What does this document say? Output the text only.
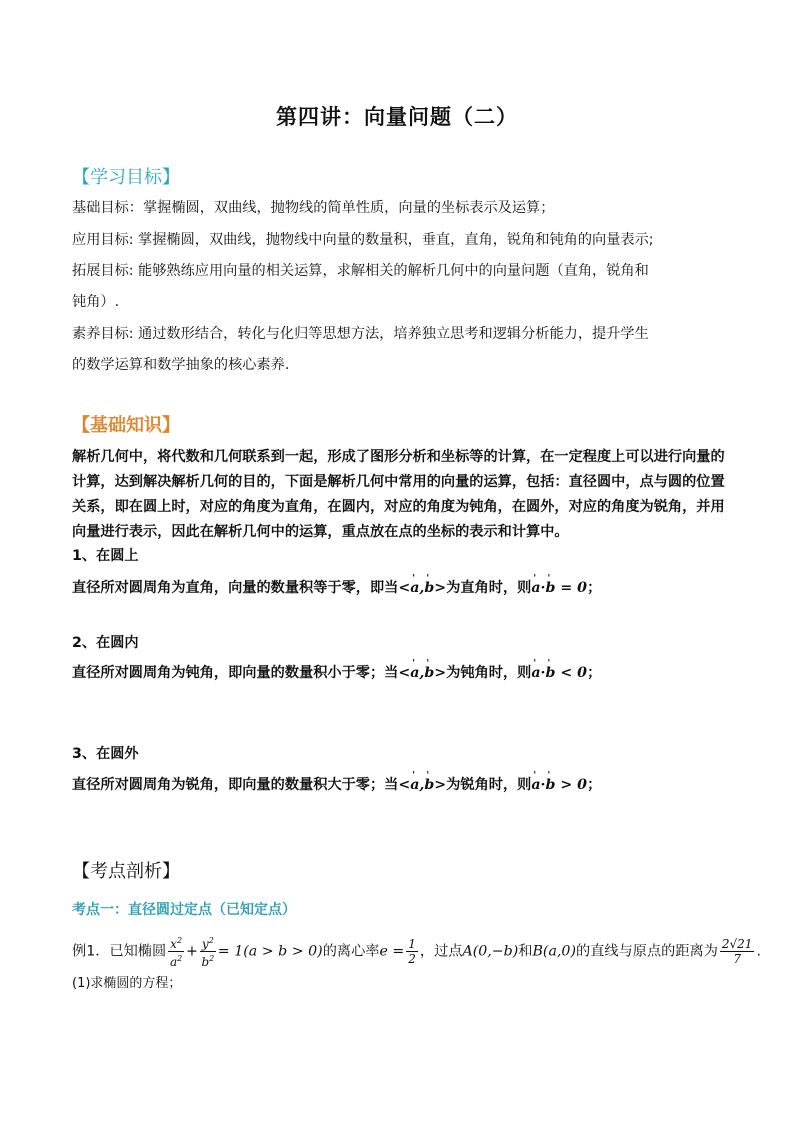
第四讲：向量问题（二）
【学习目标】
基础目标：掌握椭圆，双曲线，抛物线的简单性质，向量的坐标表示及运算；
应用目标: 掌握椭圆，双曲线，抛物线中向量的数量积，垂直，直角，锐角和钝角的向量表示;
拓展目标: 能够熟练应用向量的相关运算，求解相关的解析几何中的向量问题（直角，锐角和
钝角）.
素养目标: 通过数形结合，转化与化归等思想方法，培养独立思考和逻辑分析能力，提升学生
的数学运算和数学抽象的核心素养.
【基础知识】
解析几何中，将代数和几何联系到一起，形成了图形分析和坐标等的计算，在一定程度上可以进行向量的
计算，达到解决解析几何的目的，下面是解析几何中常用的向量的运算，包括：直径圆中，点与圆的位置
关系，即在圆上时，对应的角度为直角，在圆内，对应的角度为钝角，在圆外，对应的角度为锐角，并用
向量进行表示，因此在解析几何中的运算，重点放在点的坐标的表示和计算中。
1、在圆上
直径所对圆周角为直角，向量的数量积等于零，即当<' a,' b>为直角时，则' a·' b = 0；
2、在圆内
直径所对圆周角为钝角，即向量的数量积小于零；当<' a,' b>为钝角时，则' a·' b < 0；
3、在圆外
直径所对圆周角为锐角，即向量的数量积大于零；当<' a,' b>为锐角时，则' a·' b > 0；
【考点剖析】
考点一：直径圆过定点（已知定点）
例1．已知椭圆 $\frac{x^2}{a^2} + \frac{y^2}{b^2} = 1(a > b > 0)$的离心率$e = \frac{1}{2}$ ，过点A(0,−b)和B(a,0)的直线与原点的距离为 $\frac{2√21}{7}$ .
(1)求椭圆的方程；
